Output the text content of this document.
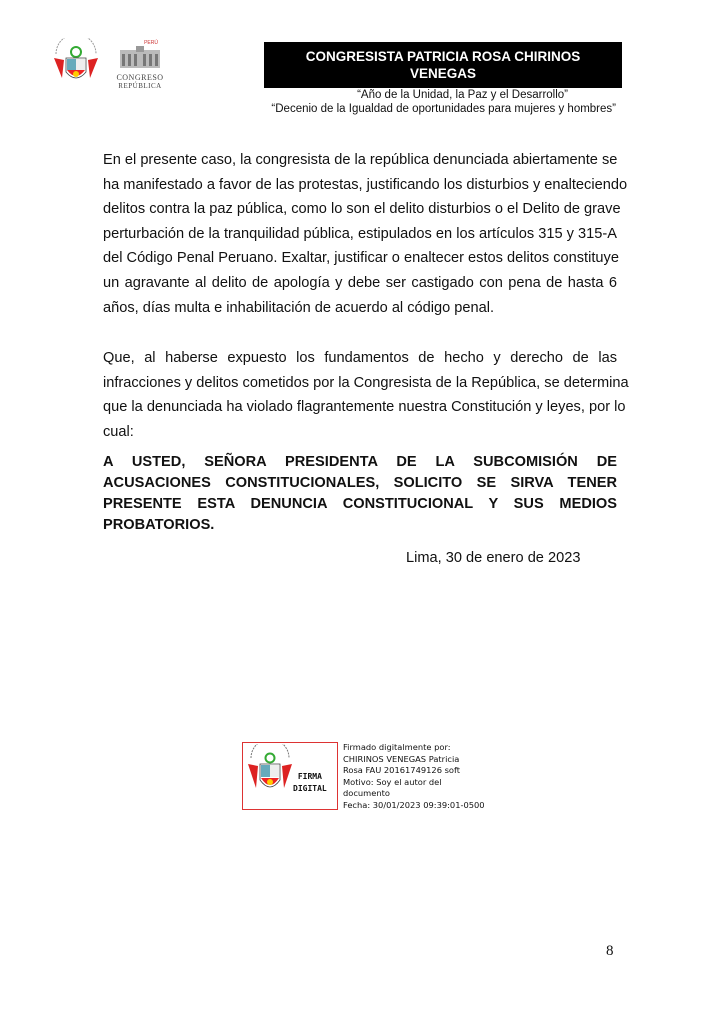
PERÚ
CONGRESO
REPÚBLICA
CONGRESISTA PATRICIA ROSA CHIRINOS
VENEGAS
“Año de la Unidad, la Paz y el Desarrollo”
“Decenio de la Igualdad de oportunidades para mujeres y hombres”
En el presente caso, la congresista de la república denunciada abiertamente se
ha manifestado a favor de las protestas, justificando los disturbios y enalteciendo
delitos contra la paz pública, como lo son el delito disturbios o el Delito de grave
perturbación de la tranquilidad pública, estipulados en los artículos 315 y 315-A
del Código Penal Peruano. Exaltar, justificar o enaltecer estos delitos constituye
un agravante al delito de apología y debe ser castigado con pena de hasta 6
años, días multa e inhabilitación de acuerdo al código penal.
Que, al haberse expuesto los fundamentos de hecho y derecho de las
infracciones y delitos cometidos por la Congresista de la República, se determina
que la denunciada ha violado flagrantemente nuestra Constitución y leyes, por lo
cual:
A USTED, SEÑORA PRESIDENTA DE LA SUBCOMISIÓN DE
ACUSACIONES CONSTITUCIONALES, SOLICITO SE SIRVA TENER
PRESENTE ESTA DENUNCIA CONSTITUCIONAL Y SUS MEDIOS
PROBATORIOS.
Lima, 30 de enero de 2023
FIRMA
DIGITAL
Firmado digitalmente por:
CHIRINOS VENEGAS Patricia
Rosa FAU 20161749126 soft
Motivo: Soy el autor del
documento
Fecha: 30/01/2023 09:39:01-0500
8
